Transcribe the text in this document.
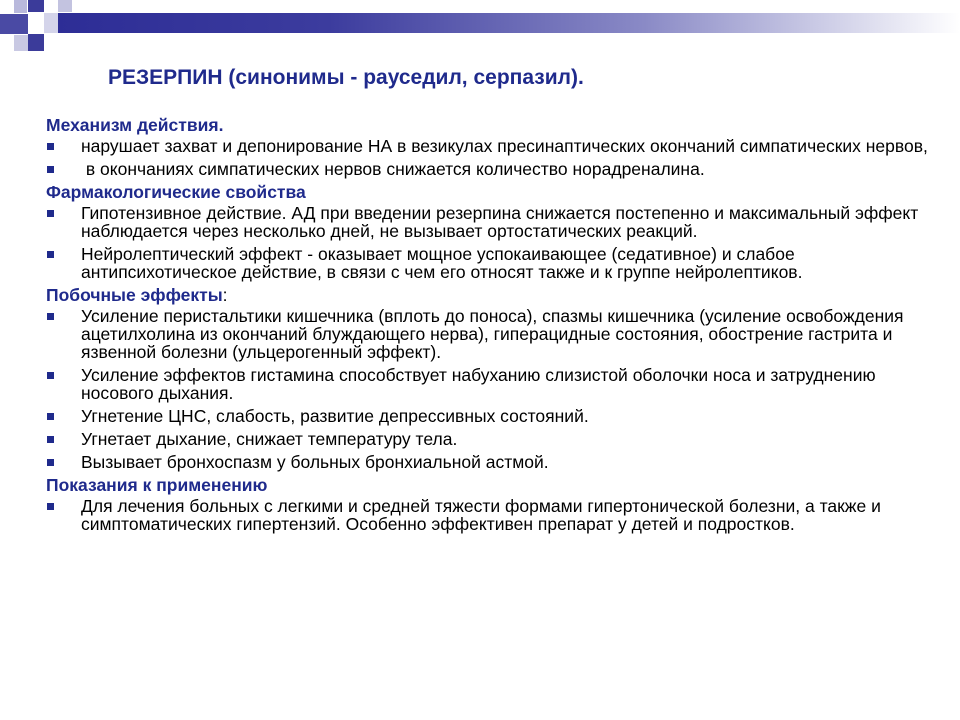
РЕЗЕРПИН (синонимы - рауседил, серпазил).
Механизм действия.
нарушает захват и депонирование НА в везикулах пресинаптических окончаний симпатических нервов,
в окончаниях симпатических нервов снижается количество норадреналина.
Фармакологические свойства
Гипотензивное действие. АД при введении резерпина снижается постепенно и максимальный эффект наблюдается через несколько дней, не вызывает ортостатических реакций.
Нейролептический эффект - оказывает мощное успокаивающее (седативное) и слабое антипсихотическое действие, в связи с чем его относят также и к группе нейролептиков.
Побочные эффекты:
Усиление перистальтики кишечника (вплоть до поноса), спазмы кишечника (усиление освобождения ацетилхолина из окончаний блуждающего нерва), гиперацидные состояния, обострение гастрита и язвенной болезни (ульцерогенный эффект).
Усиление эффектов гистамина способствует набуханию слизистой оболочки носа и затруднению носового дыхания.
Угнетение ЦНС, слабость, развитие депрессивных состояний.
Угнетает дыхание, снижает температуру тела.
Вызывает бронхоспазм у больных бронхиальной астмой.
Показания к применению
Для лечения больных с легкими и средней тяжести формами гипертонической болезни, а также и симптоматических гипертензий. Особенно эффективен препарат у детей и подростков.
